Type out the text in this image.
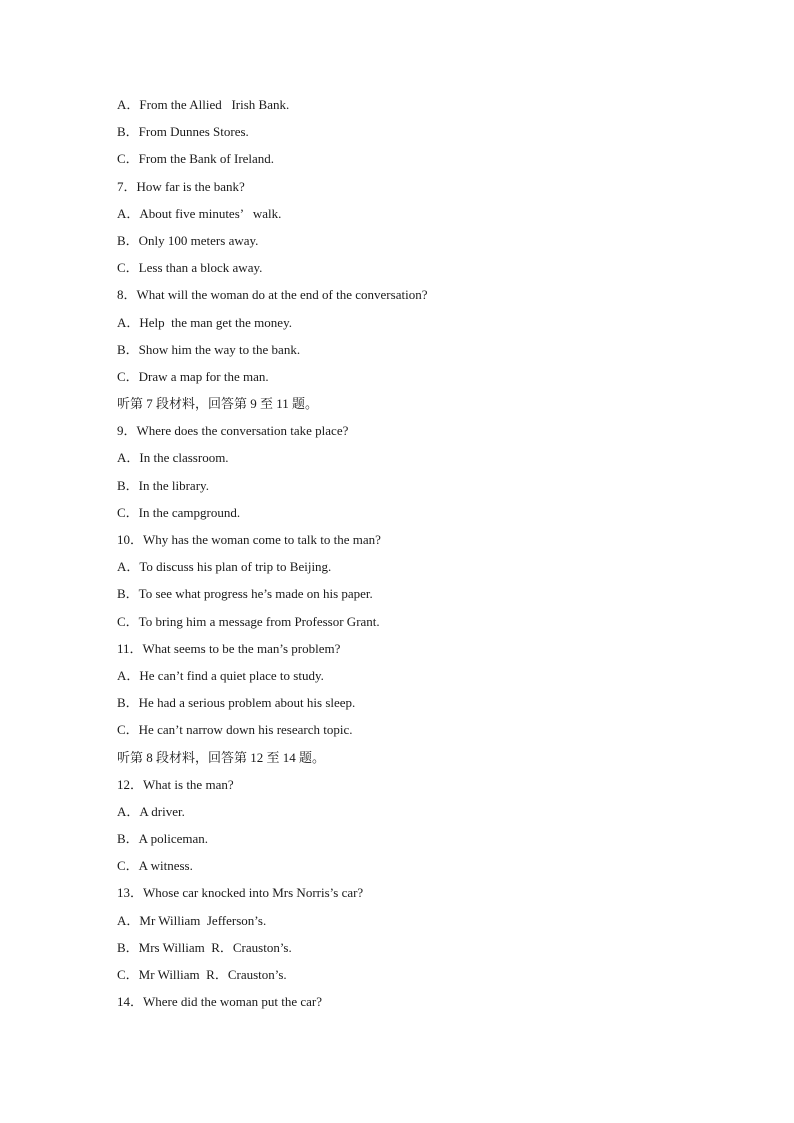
A．From the Allied   Irish Bank.
B．From Dunnes Stores.
C．From the Bank of Ireland.
7．How far is the bank?
A．About five minutes’   walk.
B．Only 100 meters away.
C．Less than a block away.
8．What will the woman do at the end of the conversation?
A．Help  the man get the money.
B．Show him the way to the bank.
C．Draw a map for the man.
听第 7 段材料，回答第 9 至 11 题。
9．Where does the conversation take place?
A．In the classroom.
B．In the library.
C．In the campground.
10．Why has the woman come to talk to the man?
A．To discuss his plan of trip to Beijing.
B．To see what progress he’s made on his paper.
C．To bring him a message from Professor Grant.
11．What seems to be the man’s problem?
A．He can’t find a quiet place to study.
B．He had a serious problem about his sleep.
C．He can’t narrow down his research topic.
听第 8 段材料，回答第 12 至 14 题。
12．What is the man?
A．A driver.
B．A policeman.
C．A witness.
13．Whose car knocked into Mrs Norris’s car?
A．Mr William  Jefferson’s.
B．Mrs William  R．Crauston’s.
C．Mr William  R．Crauston’s.
14．Where did the woman put the car?
